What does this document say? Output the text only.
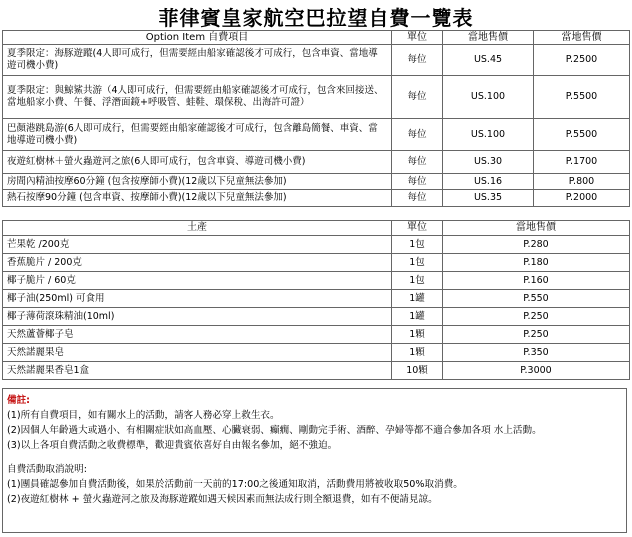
菲律賓皇家航空巴拉望自費一覽表
Option Item 自費項目	單位	當地售價	當地售價
夏季限定：海豚遊蹤(4人即可成行，但需要經由船家確認後才可成行，包含車資、當地導遊司機小費)	每位	US.45	P.2500
夏季限定：與鯨鯊共游（4人即可成行，但需要經由船家確認後才可成行，包含來回接送、當地船家小費、午餐、浮潛面鏡+呼吸管、蛙鞋、環保稅、出海許可證）	每位	US.100	P.5500
巴顏港跳島游(6人即可成行，但需要經由船家確認後才可成行，包含離島簡餐、車資、當地導遊司機小費)	每位	US.100	P.5500
夜遊紅樹林＋螢火蟲遊河之旅(6人即可成行，包含車資、導遊司機小費)	每位	US.30	P.1700
房間內精油按摩60分鐘 (包含按摩師小費)(12歲以下兒童無法參加)	每位	US.16	P.800
熱石按摩90分鐘 (包含車資、按摩師小費)(12歲以下兒童無法參加)	每位	US.35	P.2000
土產	單位	當地售價
芒果乾 /200克	1包	P.280
香蕉脆片 / 200克	1包	P.180
椰子脆片 / 60克	1包	P.160
椰子油(250ml) 可食用	1罐	P.550
椰子薄荷滾珠精油(10ml)	1罐	P.250
天然蘆薈椰子皂	1顆	P.250
天然諾麗果皂	1顆	P.350
天然諾麗果香皂1盒	10顆	P.3000
備註:
(1)所有自費項目，如有關水上的活動，請客人務必穿上救生衣。
(2)因個人年齡過大或過小、有相關症狀如高血壓、心臟衰弱、癲癇、剛動完手術、酒醉、孕婦等都不適合參加各項 水上活動。
(3)以上各項自費活動之收費標準，歡迎貴賓依喜好自由報名參加，絕不強迫。
自費活動取消說明:
(1)團員確認參加自費活動後，如果於活動前一天前的17:00之後通知取消，活動費用將被收取50%取消費。
(2)夜遊紅樹林 + 螢火蟲遊河之旅及海豚遊蹤如遇天候因素而無法成行則全額退費，如有不便請見諒。
